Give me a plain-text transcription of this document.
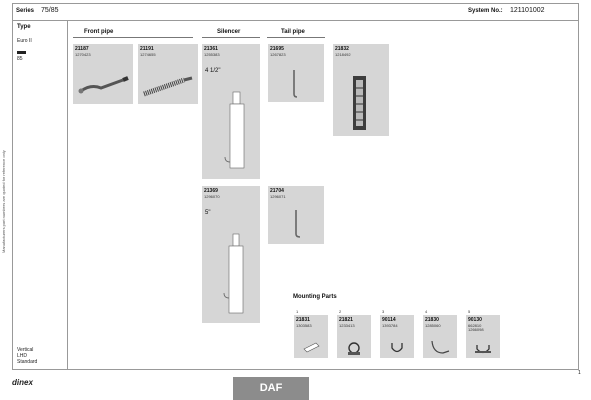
Series 75/85	System No.: 121101002
Manufacturers part numbers are quoted for reference only
Type
Euro II
85
Vertical
LHD
Standard
Front pipe	Silencer	Tail pipe
21187
1270423
21191
1274655
21361
1255383
4 1/2"
21695
1267823
21832
1218492
21369
1296070
5"
21704
1296071
Mounting Parts
1
21831
1303583
2
21821
1233413
3
90114
1393784
4
21830
1285060
5
90130
662810
1266098
1
dinex	DAF
